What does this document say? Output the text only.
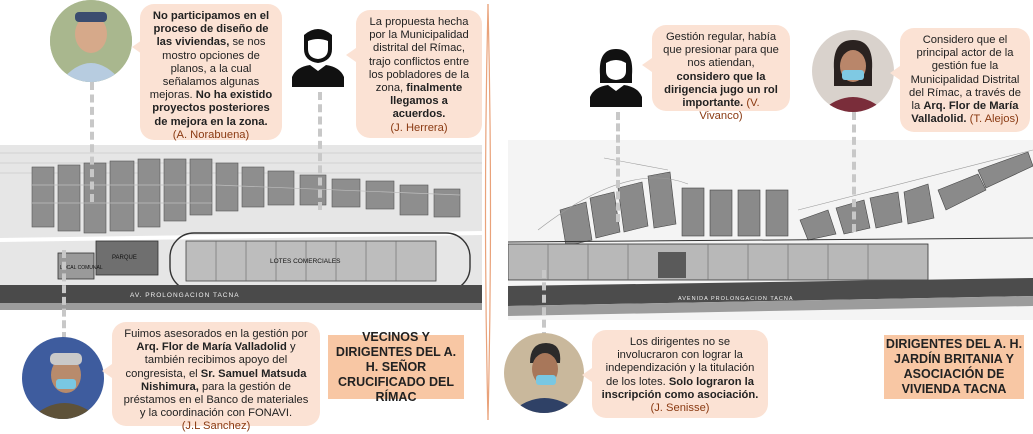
PARQUE
LOCAL COMUNAL
LOTES COMERCIALES
AV. PROLONGACION TACNA
No participamos en el proceso de diseño de las viviendas, se nos mostro opciones de planos, a la cual señalamos algunas mejoras. No ha existido proyectos posteriores de mejora en la zona.
(A. Norabuena)
La propuesta hecha por la Municipalidad distrital del Rímac, trajo conflictos entre los pobladores de la zona, finalmente llegamos a acuerdos.
(J. Herrera)
Fuimos asesorados en la gestión por Arq. Flor de María Valladolid y también recibimos apoyo del congresista, el Sr. Samuel Matsuda Nishimura, para la gestión de préstamos en el Banco de materiales y la coordinación con FONAVI.
(J.L Sanchez)
VECINOS Y DIRIGENTES DEL A. H. SEÑOR CRUCIFICADO DEL RÍMAC
AVENIDA PROLONGACION TACNA
Gestión regular, había que presionar para que nos atiendan, considero que la dirigencia jugo un rol importante. (V. Vivanco)
Considero que el principal actor de la gestión fue la Municipalidad Distrital del Rímac, a través de la Arq. Flor de María Valladolid. (T. Alejos)
Los dirigentes no se involucraron con lograr la independización y la titulación de los lotes. Solo lograron la inscripción como asociación. (J. Senisse)
DIRIGENTES DEL A. H. JARDÍN BRITANIA Y ASOCIACIÓN DE VIVIENDA TACNA
